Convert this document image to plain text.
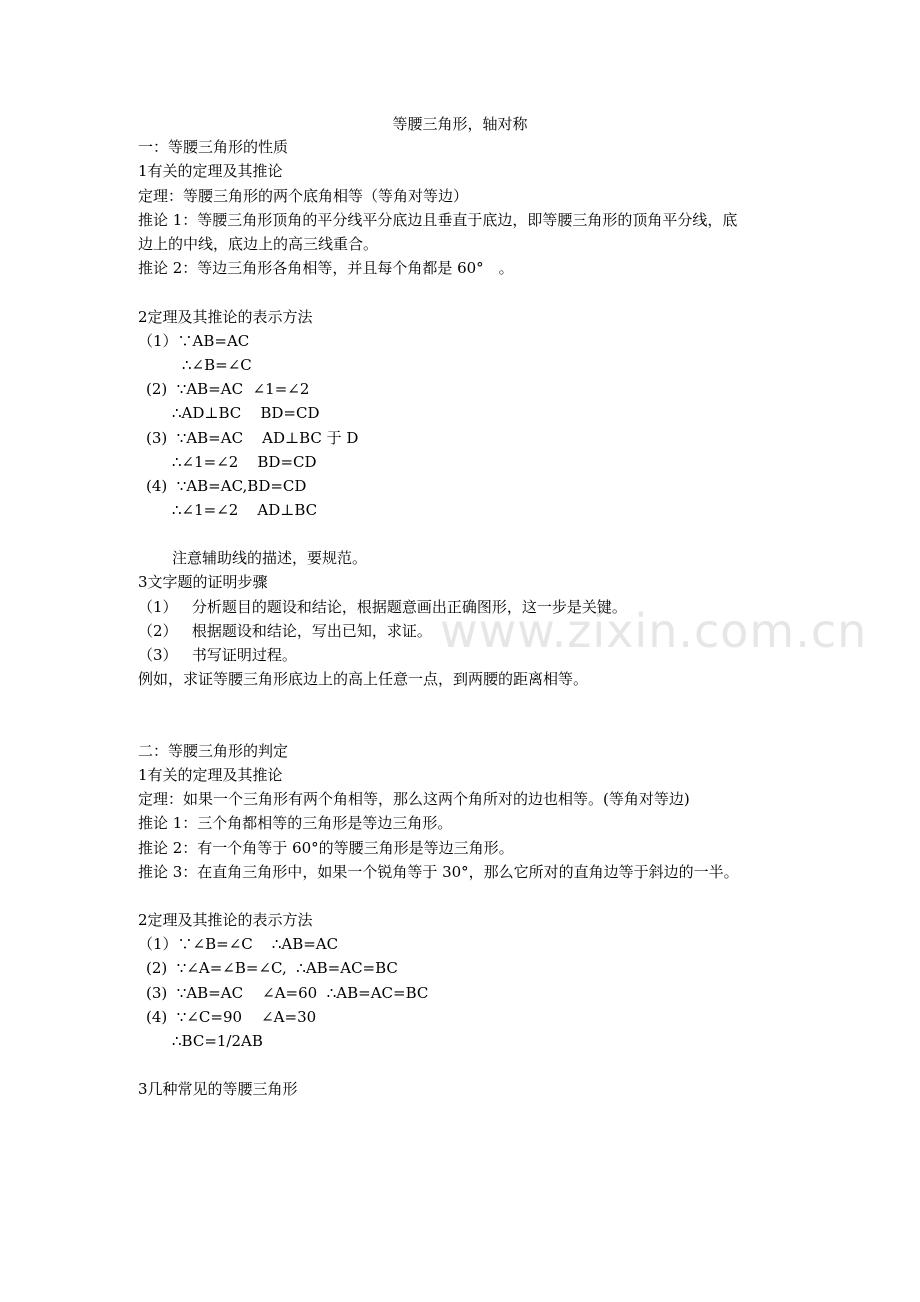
www.zixin.com.cn
等腰三角形，轴对称
一：等腰三角形的性质
1有关的定理及其推论
定理：等腰三角形的两个底角相等（等角对等边）
推论 1：等腰三角形顶角的平分线平分底边且垂直于底边，即等腰三角形的顶角平分线，底
边上的中线，底边上的高三线重合。
推论 2：等边三角形各角相等，并且每个角都是 60°　。
2定理及其推论的表示方法
（1）∵AB=AC
∴∠B=∠C
(2)  ∵AB=AC  ∠1=∠2
∴AD⊥BC    BD=CD
(3)  ∵AB=AC    AD⊥BC 于 D
∴∠1=∠2    BD=CD
(4)  ∵AB=AC,BD=CD
∴∠1=∠2    AD⊥BC
注意辅助线的描述，要规范。
3文字题的证明步骤
（1）   分析题目的题设和结论，根据题意画出正确图形，这一步是关键。
（2）   根据题设和结论，写出已知，求证。
（3）   书写证明过程。
例如，求证等腰三角形底边上的高上任意一点，到两腰的距离相等。
二：等腰三角形的判定
1有关的定理及其推论
定理：如果一个三角形有两个角相等，那么这两个角所对的边也相等。(等角对等边)
推论 1：三个角都相等的三角形是等边三角形。
推论 2：有一个角等于 60°的等腰三角形是等边三角形。
推论 3：在直角三角形中，如果一个锐角等于 30°，那么它所对的直角边等于斜边的一半。
2定理及其推论的表示方法
（1）∵∠B=∠C    ∴AB=AC
(2)  ∵∠A=∠B=∠C,  ∴AB=AC=BC
(3)  ∵AB=AC    ∠A=60  ∴AB=AC=BC
(4)  ∵∠C=90    ∠A=30
∴BC=1/2AB
3几种常见的等腰三角形
